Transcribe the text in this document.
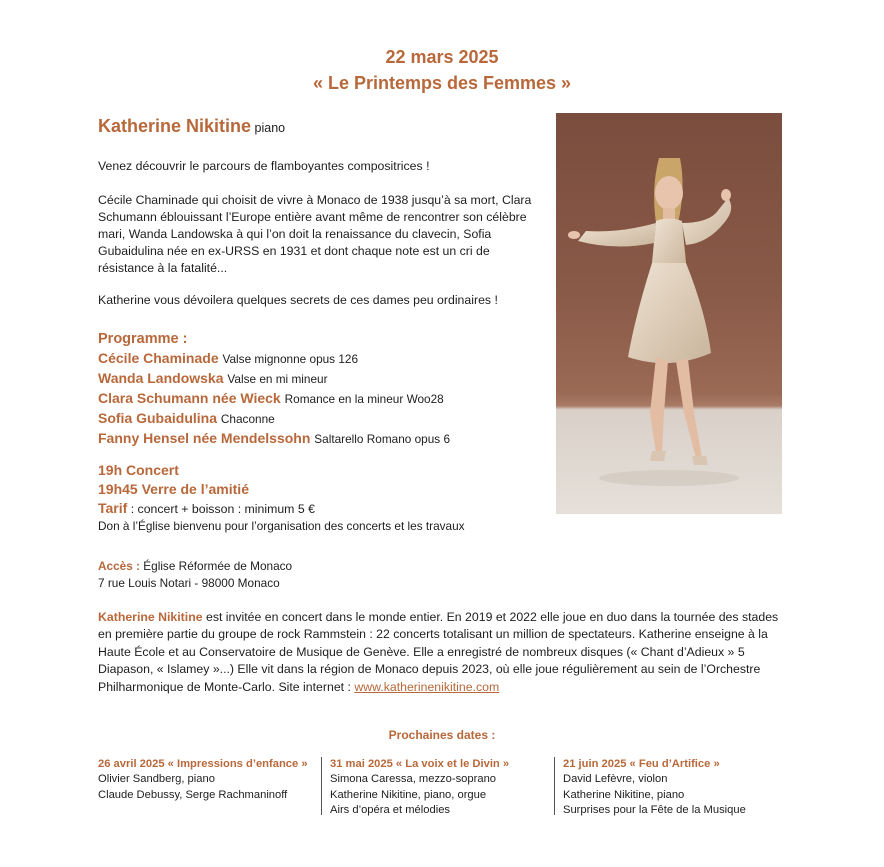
22 mars 2025
« Le Printemps des Femmes »
Katherine Nikitine piano
Venez découvrir le parcours de flamboyantes compositrices !
Cécile Chaminade qui choisit de vivre à Monaco de 1938 jusqu’à sa mort, Clara Schumann éblouissant l’Europe entière avant même de rencontrer son célèbre mari, Wanda Landowska à qui l’on doit la renaissance du clavecin, Sofia Gubaidulina née en ex-URSS en 1931 et dont chaque note est un cri de résistance à la fatalité...
Katherine vous dévoilera quelques secrets de ces dames peu ordinaires !
Programme :
Cécile Chaminade Valse mignonne opus 126
Wanda Landowska Valse en mi mineur
Clara Schumann née Wieck Romance en la mineur Woo28
Sofia Gubaidulina Chaconne
Fanny Hensel née Mendelssohn Saltarello Romano opus 6
19h Concert
19h45 Verre de l’amitié
Tarif : concert + boisson : minimum 5 €
Don à l’Église bienvenu pour l’organisation des concerts et les travaux
Accès : Église Réformée de Monaco
7 rue Louis Notari - 98000 Monaco
Katherine Nikitine est invitée en concert dans le monde entier. En 2019 et 2022 elle joue en duo dans la tournée des stades en première partie du groupe de rock Rammstein : 22 concerts totalisant un million de spectateurs. Katherine enseigne à la Haute École et au Conservatoire de Musique de Genève. Elle a enregistré de nombreux disques (« Chant d’Adieux » 5 Diapason, « Islamey »...) Elle vit dans la région de Monaco depuis 2023, où elle joue régulièrement au sein de l’Orchestre Philharmonique de Monte-Carlo. Site internet : www.katherinenikitine.com
Prochaines dates :
26 avril 2025 « Impressions d’enfance »
Olivier Sandberg, piano
Claude Debussy, Serge Rachmaninoff
31 mai 2025 « La voix et le Divin »
Simona Caressa, mezzo-soprano
Katherine Nikitine, piano, orgue
Airs d’opéra et mélodies
21 juin 2025 « Feu d’Artifice »
David Lefèvre, violon
Katherine Nikitine, piano
Surprises pour la Fête de la Musique
